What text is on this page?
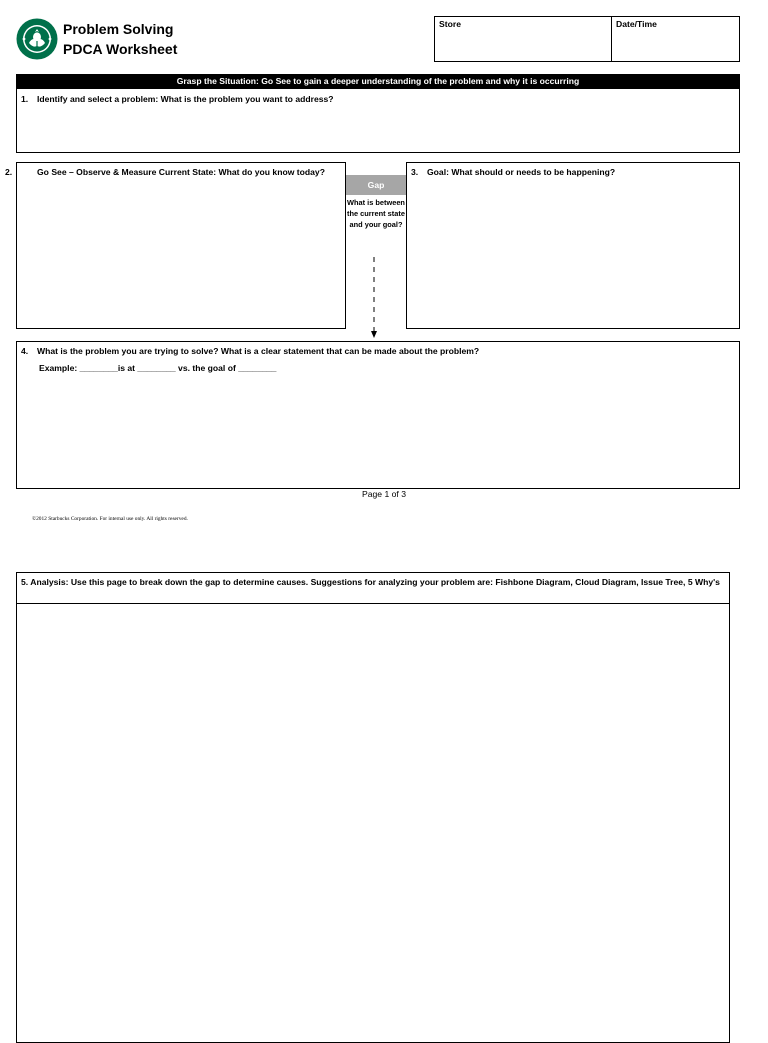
Problem Solving
PDCA Worksheet
Store	Date/Time
Grasp the Situation: Go See to gain a deeper understanding of the problem and why it is occurring
1. Identify and select a problem: What is the problem you want to address?
2.	Go See – Observe & Measure Current State: What do you know today?
Gap
What is between the current state and your goal?
3. Goal: What should or needs to be happening?
4. What is the problem you are trying to solve? What is a clear statement that can be made about the problem?
Example: ________is at ________ vs. the goal of ________
Page 1 of 3
©2012 Starbucks Corporation. For internal use only. All rights reserved.
5. Analysis: Use this page to break down the gap to determine causes. Suggestions for analyzing your problem are: Fishbone Diagram, Cloud Diagram, Issue Tree, 5 Why's
